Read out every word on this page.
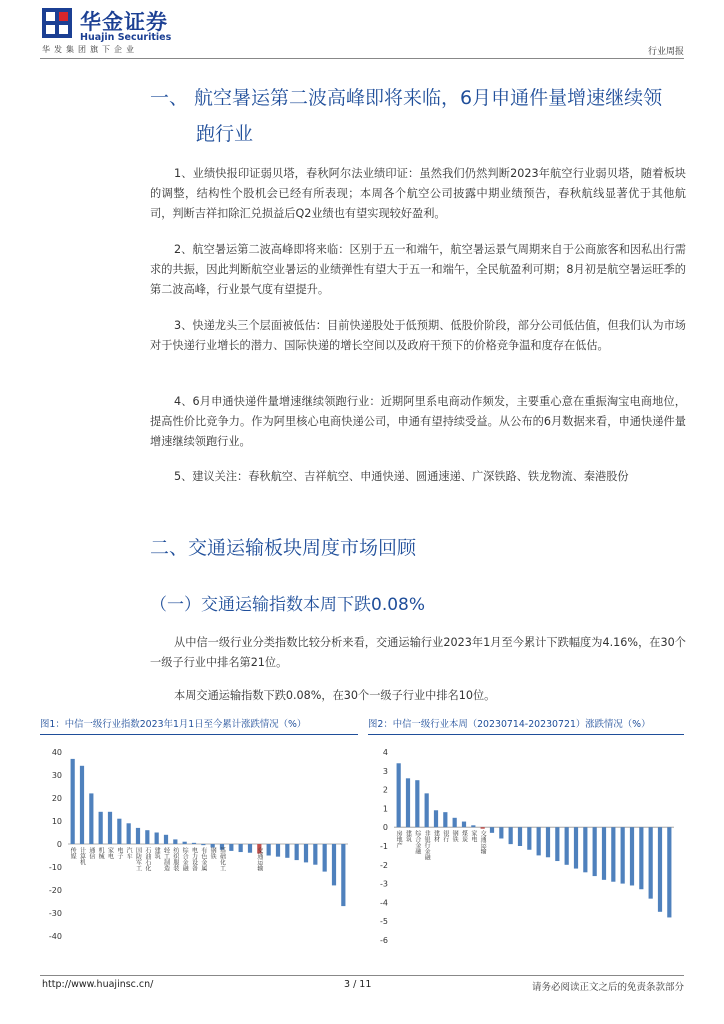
华金证券
Huajin Securities
华发集团旗下企业	行业周报
一、 航空暑运第二波高峰即将来临，6月申通件量增速继续领
跑行业
1、业绩快报印证弱贝塔，春秋阿尔法业绩印证：虽然我们仍然判断2023年航空行业弱贝塔，随着板块的调整，结构性个股机会已经有所表现；本周各个航空公司披露中期业绩预告，春秋航线显著优于其他航司，判断吉祥扣除汇兑损益后Q2业绩也有望实现较好盈利。
2、航空暑运第二波高峰即将来临：区别于五一和端午，航空暑运景气周期来自于公商旅客和因私出行需求的共振，因此判断航空业暑运的业绩弹性有望大于五一和端午，全民航盈利可期；8月初是航空暑运旺季的第二波高峰，行业景气度有望提升。
3、快递龙头三个层面被低估：目前快递股处于低预期、低股价阶段，部分公司低估值，但我们认为市场对于快递行业增长的潜力、国际快递的增长空间以及政府干预下的价格竞争温和度存在低估。
4、6月申通快递件量增速继续领跑行业：近期阿里系电商动作频发，主要重心意在重振淘宝电商地位，提高性价比竞争力。作为阿里核心电商快递公司，申通有望持续受益。从公布的6月数据来看，申通快递件量增速继续领跑行业。
5、建议关注：春秋航空、吉祥航空、申通快递、圆通速递、广深铁路、铁龙物流、秦港股份
二、交通运输板块周度市场回顾
（一）交通运输指数本周下跌0.08%
从中信一级行业分类指数比较分析来看，交通运输行业2023年1月至今累计下跌幅度为4.16%，在30个一级子行业中排名第21位。
本周交通运输指数下跌0.08%，在30个一级子行业中排名10位。
图1：中信一级行业指数2023年1月1日至今累计涨跌情况（%）	图2：中信一级行业本周（20230714-20230721）涨跌情况（%）
40
30
20
10
0
-10
-20
-30
-40
传媒 计算机 通信 机械 家电 电子 汽车 国防军工 石油石化 建筑 轻工制造 纺织服装 综合金融 电力设备 有色金属 钢铁 基础化工	交通运输
4
3
2
1
0
-1
-2
-3
-4
-5
-6
房地产 建筑 综合金融 非银行金融 建材 银行 钢铁 煤炭 家电 交通运输
http://www.huajinsc.cn/	3 / 11	请务必阅读正文之后的免责条款部分
